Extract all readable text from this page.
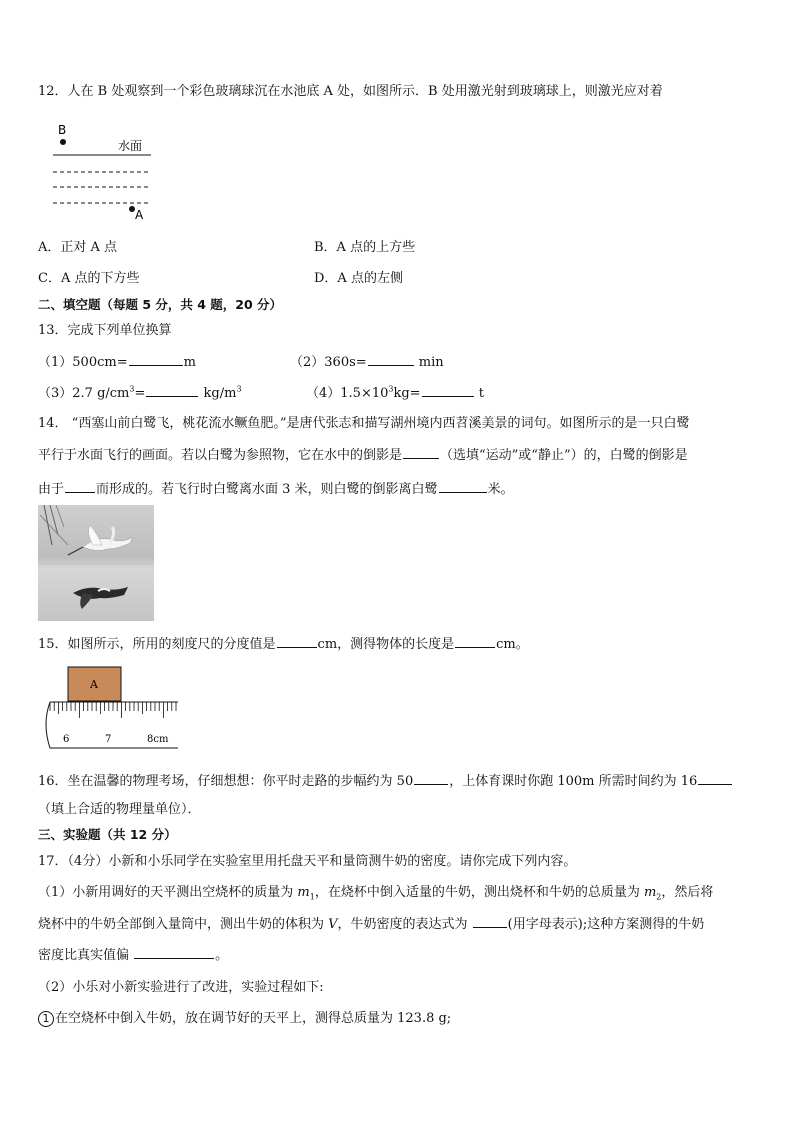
12．人在 B 处观察到一个彩色玻璃球沉在水池底 A 处，如图所示．B 处用激光射到玻璃球上，则激光应对着
B
水面
A
A．正对 A 点	B．A 点的上方些
C．A 点的下方些	D．A 点的左侧
二、填空题（每题 5 分，共 4 题，20 分）
13．完成下列单位换算
（1）500cm=	m	（2）360s=	min
（3）2.7 $g/cm^3=$	$kg/m^3$	$(4)1.5\times 10^3kg=$	t
14． “西塞山前白鹭飞，桃花流水鳜鱼肥。”是唐代张志和描写湖州境内西苕溪美景的词句。如图所示的是一只白鹭
平行于水面飞行的画面。若以白鹭为参照物，它在水中的倒影是	（选填“运动”或“静止”）的，白鹭的倒影是
由于 而形成的。若飞行时白鹭离水面 3 米，则白鹭的倒影离白鹭	米。
15．如图所示，所用的刻度尺的分度值是	cm，测得物体的长度是	cm。
A
6	7	8cm
16．坐在温馨的物理考场，仔细想想：你平时走路的步幅约为 50	，上体育课时你跑 100m 所需时间约为 16
（填上合适的物理量单位）．
三、实验题（共 12 分）
17．（4分）小新和小乐同学在实验室里用托盘天平和量筒测牛奶的密度。请你完成下列内容。
（1）小新用调好的天平测出空烧杯的质量为 $m_1$，在烧杯中倒入适量的牛奶，测出烧杯和牛奶的总质量为 $m_2$，然后将
烧杯中的牛奶全部倒入量筒中，测出牛奶的体积为 V，牛奶密度的表达式为	(用字母表示);这种方案测得的牛奶
密度比真实值偏	。
（2）小乐对小新实验进行了改进，实验过程如下:
1 在空烧杯中倒入牛奶，放在调节好的天平上，测得总质量为 123.8 g;
